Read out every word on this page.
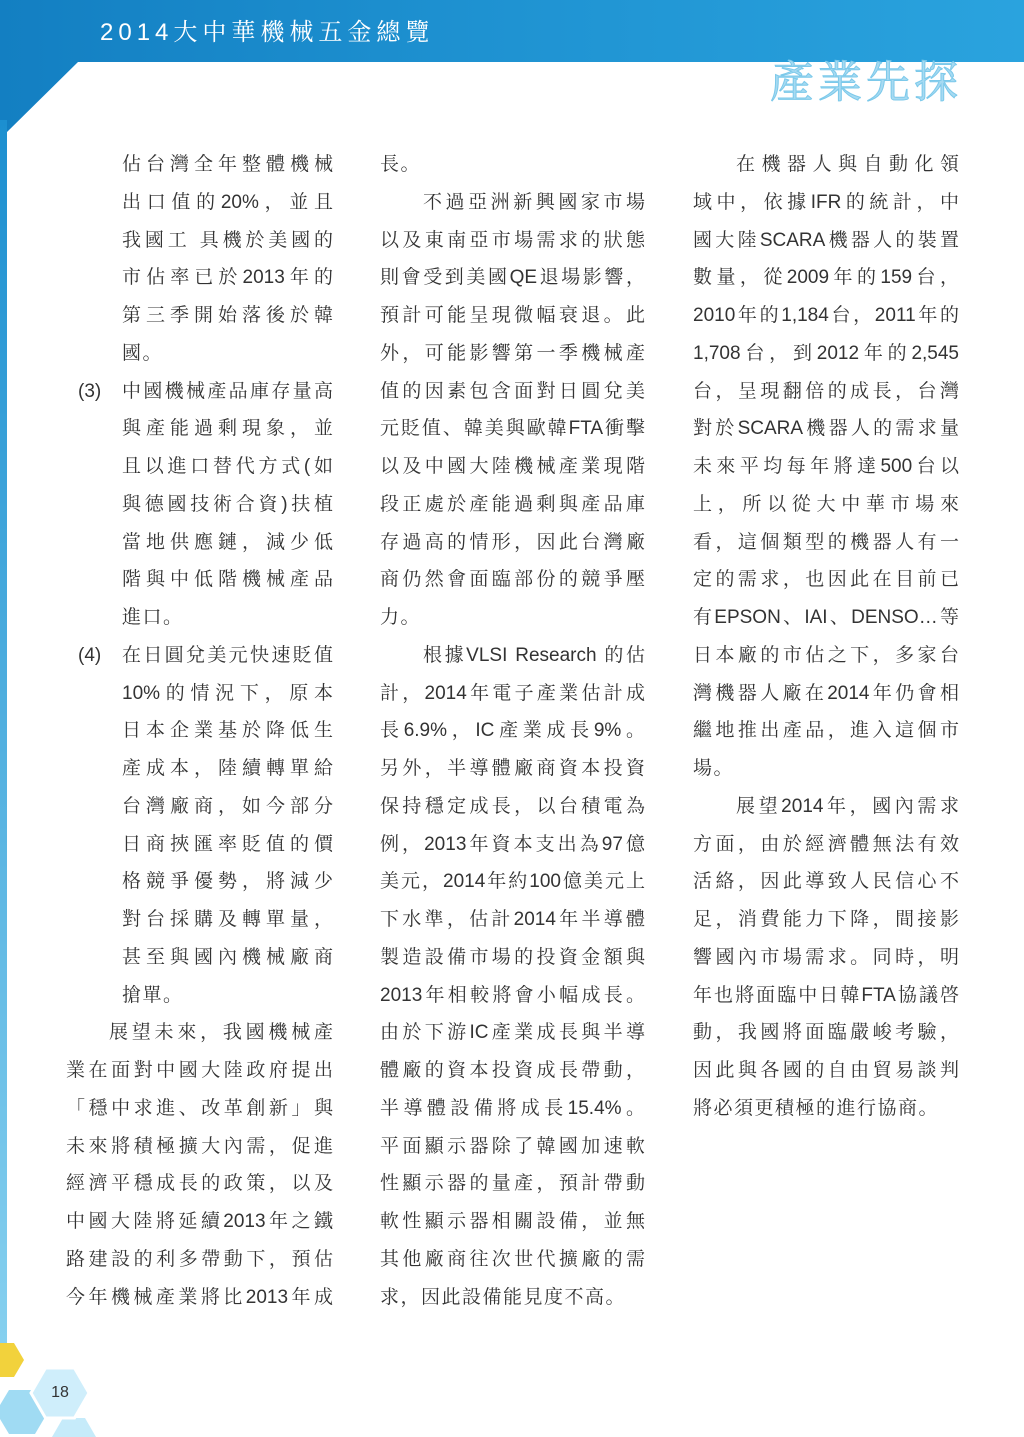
2014大中華機械五金總覽
產業先探
佔台灣全年整體機械
出口值的20%，並且
我國工 具機於美國的
市佔率已於2013年的
第三季開始落後於韓
國。
(3)	中國機械產品庫存量高
與產能過剩現象，並
且以進口替代方式(如
與德國技術合資)扶植
當地供應鏈，減少低
階與中低階機械產品
進口。
(4)	在日圓兌美元快速貶值
10%的情況下，原本
日本企業基於降低生
產成本，陸續轉單給
台灣廠商，如今部分
日商挾匯率貶值的價
格競爭優勢，將減少
對台採購及轉單量，
甚至與國內機械廠商
搶單。
展望未來，我國機械產
業在面對中國大陸政府提出
「穩中求進、改革創新」與
未來將積極擴大內需，促進
經濟平穩成長的政策，以及
中國大陸將延續2013年之鐵
路建設的利多帶動下，預估
今年機械產業將比2013年成
長。
不過亞洲新興國家市場
以及東南亞市場需求的狀態
則會受到美國QE退場影響，
預計可能呈現微幅衰退。此
外，可能影響第一季機械產
值的因素包含面對日圓兌美
元貶值、韓美與歐韓FTA衝擊
以及中國大陸機械產業現階
段正處於產能過剩與產品庫
存過高的情形，因此台灣廠
商仍然會面臨部份的競爭壓
力。
根據VLSI Research 的估
計，2014年電子產業估計成
長6.9%，IC產業成長9%。
另外，半導體廠商資本投資
保持穩定成長，以台積電為
例，2013年資本支出為97億
美元，2014年約100億美元上
下水準，估計2014年半導體
製造設備市場的投資金額與
2013年相較將會小幅成長。
由於下游IC產業成長與半導
體廠的資本投資成長帶動，
半導體設備將成長15.4%。
平面顯示器除了韓國加速軟
性顯示器的量產，預計帶動
軟性顯示器相關設備，並無
其他廠商往次世代擴廠的需
求，因此設備能見度不高。
在機器人與自動化領
域中，依據IFR的統計，中
國大陸SCARA機器人的裝置
數量，從2009年的159台，
2010年的1,184台，2011年的
1,708台，到2012年的2,545
台，呈現翻倍的成長，台灣
對於SCARA機器人的需求量
未來平均每年將達500台以
上，所以從大中華市場來
看，這個類型的機器人有一
定的需求，也因此在目前已
有EPSON、IAI、DENSO…等
日本廠的市佔之下，多家台
灣機器人廠在2014年仍會相
繼地推出產品，進入這個市
場。
展望2014年，國內需求
方面，由於經濟體無法有效
活絡，因此導致人民信心不
足，消費能力下降，間接影
響國內市場需求。同時，明
年也將面臨中日韓FTA協議啓
動，我國將面臨嚴峻考驗，
因此與各國的自由貿易談判
將必須更積極的進行協商。
18
